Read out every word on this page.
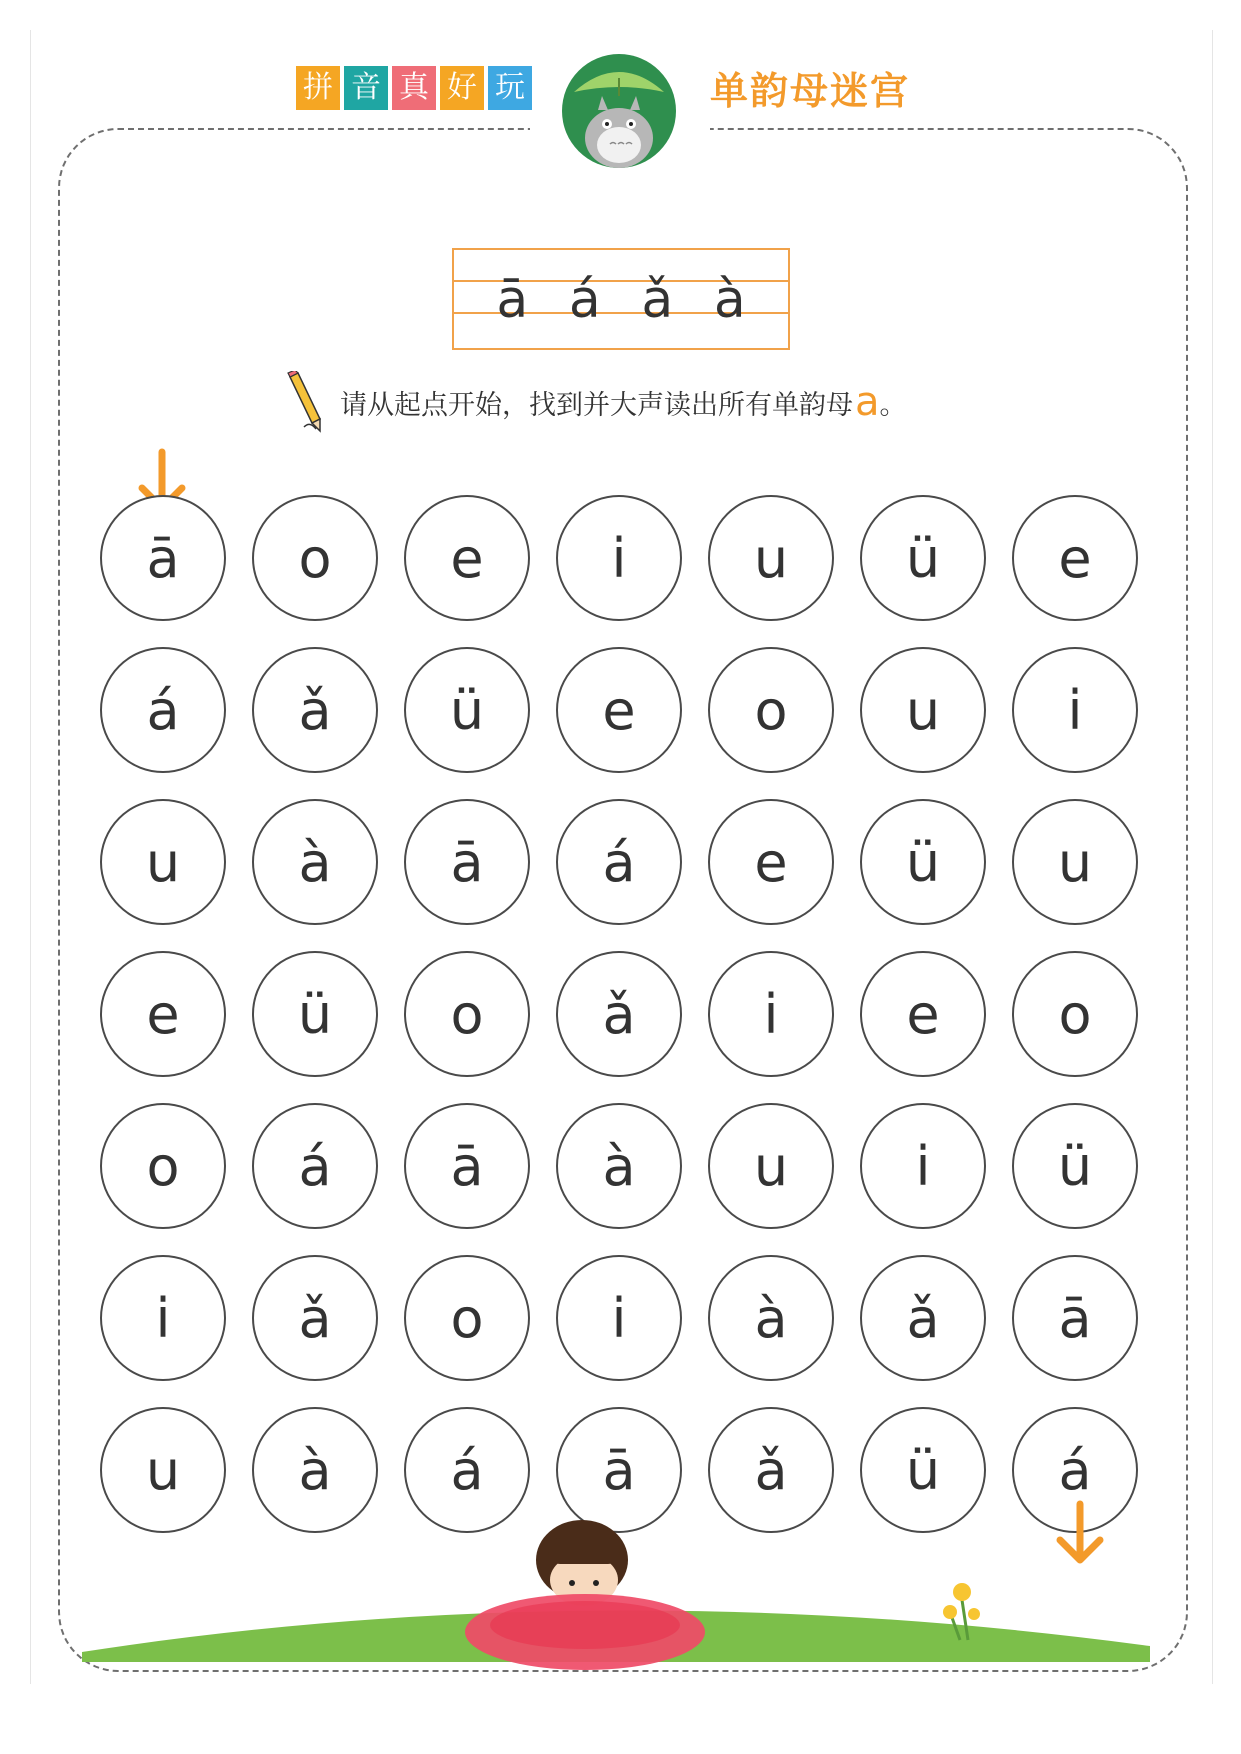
拼 音 真 好 玩	单韵母迷宫
ā á ǎ à
请从起点开始，找到并大声读出所有单韵母 a 。
ā	o	e	i	u	ü	e
á	ǎ	ü	e	o	u	i
u	à	ā	á	e	ü	u
e	ü	o	ǎ	i	e	o
o	á	ā	à	u	i	ü
i	ǎ	o	i	à	ǎ	ā
u	à	á	ā	ǎ	ü	á
